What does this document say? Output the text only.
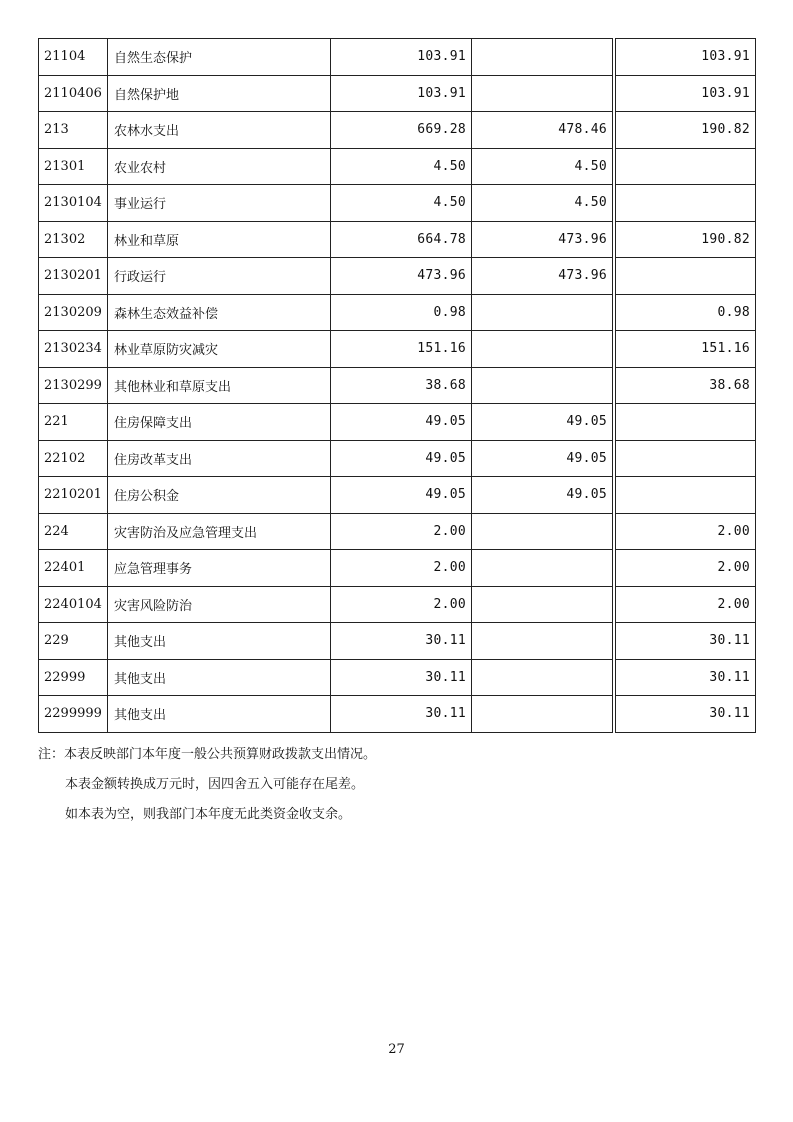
21104	自然生态保护	103.91			103.91
2110406	自然保护地	103.91			103.91
213	农林水支出	669.28	478.46		190.82
21301	农业农村	4.50	4.50		
2130104	事业运行	4.50	4.50		
21302	林业和草原	664.78	473.96		190.82
2130201	行政运行	473.96	473.96		
2130209	森林生态效益补偿	0.98			0.98
2130234	林业草原防灾减灾	151.16			151.16
2130299	其他林业和草原支出	38.68			38.68
221	住房保障支出	49.05	49.05		
22102	住房改革支出	49.05	49.05		
2210201	住房公积金	49.05	49.05		
224	灾害防治及应急管理支出	2.00			2.00
22401	应急管理事务	2.00			2.00
2240104	灾害风险防治	2.00			2.00
229	其他支出	30.11			30.11
22999	其他支出	30.11			30.11
2299999	其他支出	30.11			30.11
注：本表反映部门本年度一般公共预算财政拨款支出情况。
本表金额转换成万元时，因四舍五入可能存在尾差。
如本表为空，则我部门本年度无此类资金收支余。
27
